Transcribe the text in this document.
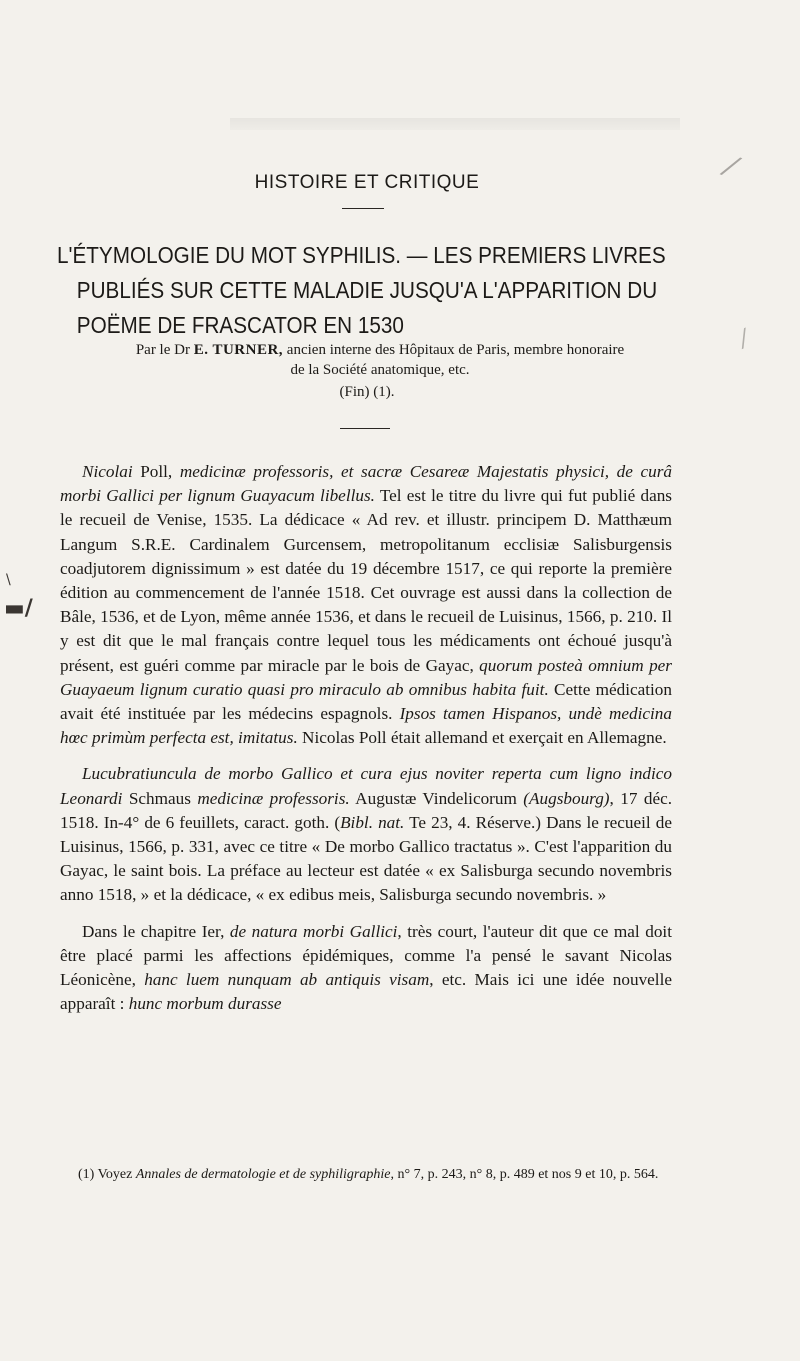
HISTOIRE ET CRITIQUE
L'ÉTYMOLOGIE DU MOT SYPHILIS. — LES PREMIERS LIVRES
PUBLIÉS SUR CETTE MALADIE JUSQU'A L'APPARITION DU
POËME DE FRASCATOR EN 1530
Par le Dr E. TURNER, ancien interne des Hôpitaux de Paris, membre honoraire
de la Société anatomique, etc.
(Fin) (1).

Nicolai Poll, medicinæ professoris, et sacræ Cesareæ Majestatis physici, de curâ morbi Gallici per lignum Guayacum libellus. Tel est le titre du livre qui fut publié dans le recueil de Venise, 1535. La dédicace « Ad rev. et illustr. principem D. Matthæum Langum S.R.E. Cardinalem Gurcensem, metropolitanum ecclisiæ Salisburgensis coadjutorem dignissimum » est datée du 19 décembre 1517, ce qui reporte la première édition au commencement de l'année 1518. Cet ouvrage est aussi dans la collection de Bâle, 1536, et de Lyon, même année 1536, et dans le recueil de Luisinus, 1566, p. 210. Il y est dit que le mal français contre lequel tous les médicaments ont échoué jusqu'à présent, est guéri comme par miracle par le bois de Gayac, quorum posteà omnium per Guayaeum lignum curatio quasi pro miraculo ab omnibus habita fuit. Cette médication avait été instituée par les médecins espagnols. Ipsos tamen Hispanos, undè medicina hœc primùm perfecta est, imitatus. Nicolas Poll était allemand et exerçait en Allemagne.

Lucubratiuncula de morbo Gallico et cura ejus noviter reperta cum ligno indico Leonardi Schmaus medicinæ professoris. Augustæ Vindelicorum (Augsbourg), 17 déc. 1518. In-4° de 6 feuillets, caract. goth. (Bibl. nat. Te 23, 4. Réserve.) Dans le recueil de Luisinus, 1566, p. 331, avec ce titre « De morbo Gallico tractatus ». C'est l'apparition du Gayac, le saint bois. La préface au lecteur est datée « ex Salisburga secundo novembris anno 1518, » et la dédicace, « ex edibus meis, Salisburga secundo novembris. »

Dans le chapitre Ier, de natura morbi Gallici, très court, l'auteur dit que ce mal doit être placé parmi les affections épidémiques, comme l'a pensé le savant Nicolas Léonicène, hanc luem nunquam ab antiquis visam, etc. Mais ici une idée nouvelle apparaît : hunc morbum durasse

(1) Voyez Annales de dermatologie et de syphiligraphie, n° 7, p. 243, n° 8, p. 489 et nos 9 et 10, p. 564.

⁄
⁄
\
▬/
